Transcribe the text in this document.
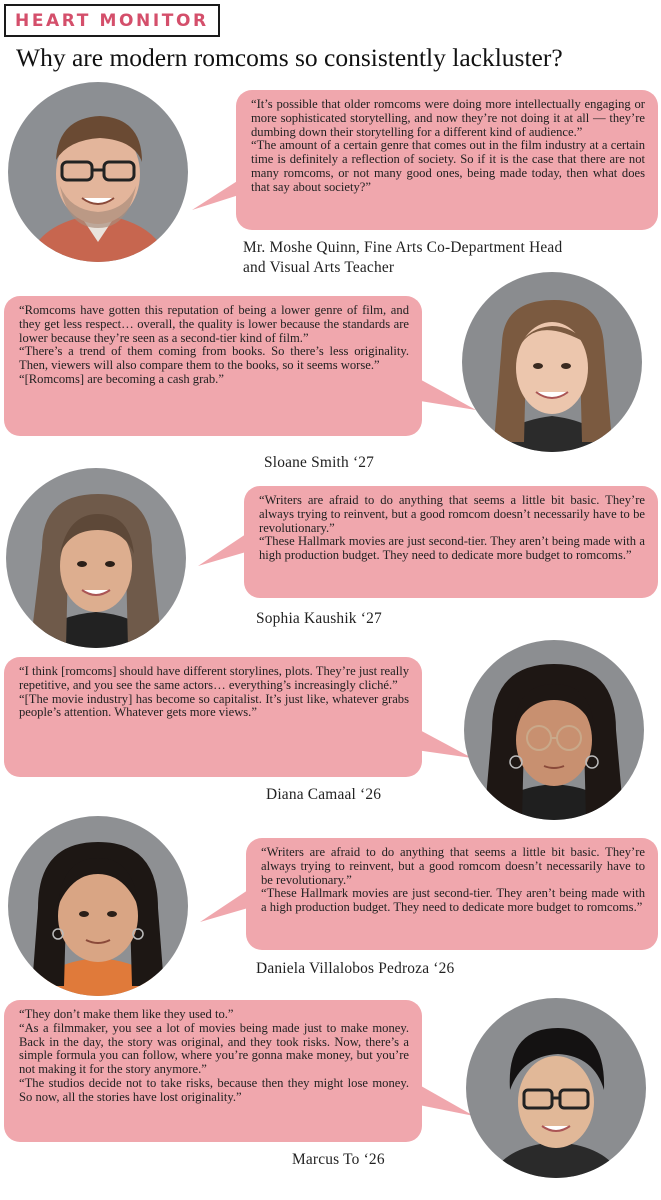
HEART MONITOR
Why are modern romcoms so consistently lackluster?

“It’s possible that older romcoms were doing more intellectually engaging or more sophisticated storytelling, and now they’re not doing it at all — they’re dumbing down their storytelling for a different kind of audience.”

“The amount of a certain genre that comes out in the film industry at a certain time is definitely a reflection of society. So if it is the case that there are not many romcoms, or not many good ones, being made today, then what does that say about society?”

Mr. Moshe Quinn, Fine Arts Co-Department Head
and Visual Arts Teacher

“Romcoms have gotten this reputation of being a lower genre of film, and they get less respect… overall, the quality is lower because the standards are lower because they’re seen as a second-tier kind of film.”

“There’s a trend of them coming from books. So there’s less originality. Then, viewers will also compare them to the books, so it seems worse.”

“[Romcoms] are becoming a cash grab.”

Sloane Smith ‘27

“Writers are afraid to do anything that seems a little bit basic. They’re always trying to reinvent, but a good romcom doesn’t necessarily have to be revolutionary.”

“These Hallmark movies are just second-tier. They aren’t being made with a high production budget. They need to dedicate more budget to romcoms.”

Sophia Kaushik ‘27

“I think [romcoms] should have different storylines, plots. They’re just really repetitive, and you see the same actors… everything’s increasingly cliché.”

“[The movie industry] has become so capitalist. It’s just like, whatever grabs people’s attention. Whatever gets more views.”

Diana Camaal ‘26

“Writers are afraid to do anything that seems a little bit basic. They’re always trying to reinvent, but a good romcom doesn’t necessarily have to be revolutionary.”

“These Hallmark movies are just second-tier. They aren’t being made with a high production budget. They need to dedicate more budget to romcoms.”

Daniela Villalobos Pedroza ‘26

“They don’t make them like they used to.”

“As a filmmaker, you see a lot of movies being made just to make money. Back in the day, the story was original, and they took risks. Now, there’s a simple formula you can follow, where you’re gonna make money, but you’re not making it for the story anymore.”

“The studios decide not to take risks, because then they might lose money. So now, all the stories have lost originality.”

Marcus To ‘26
